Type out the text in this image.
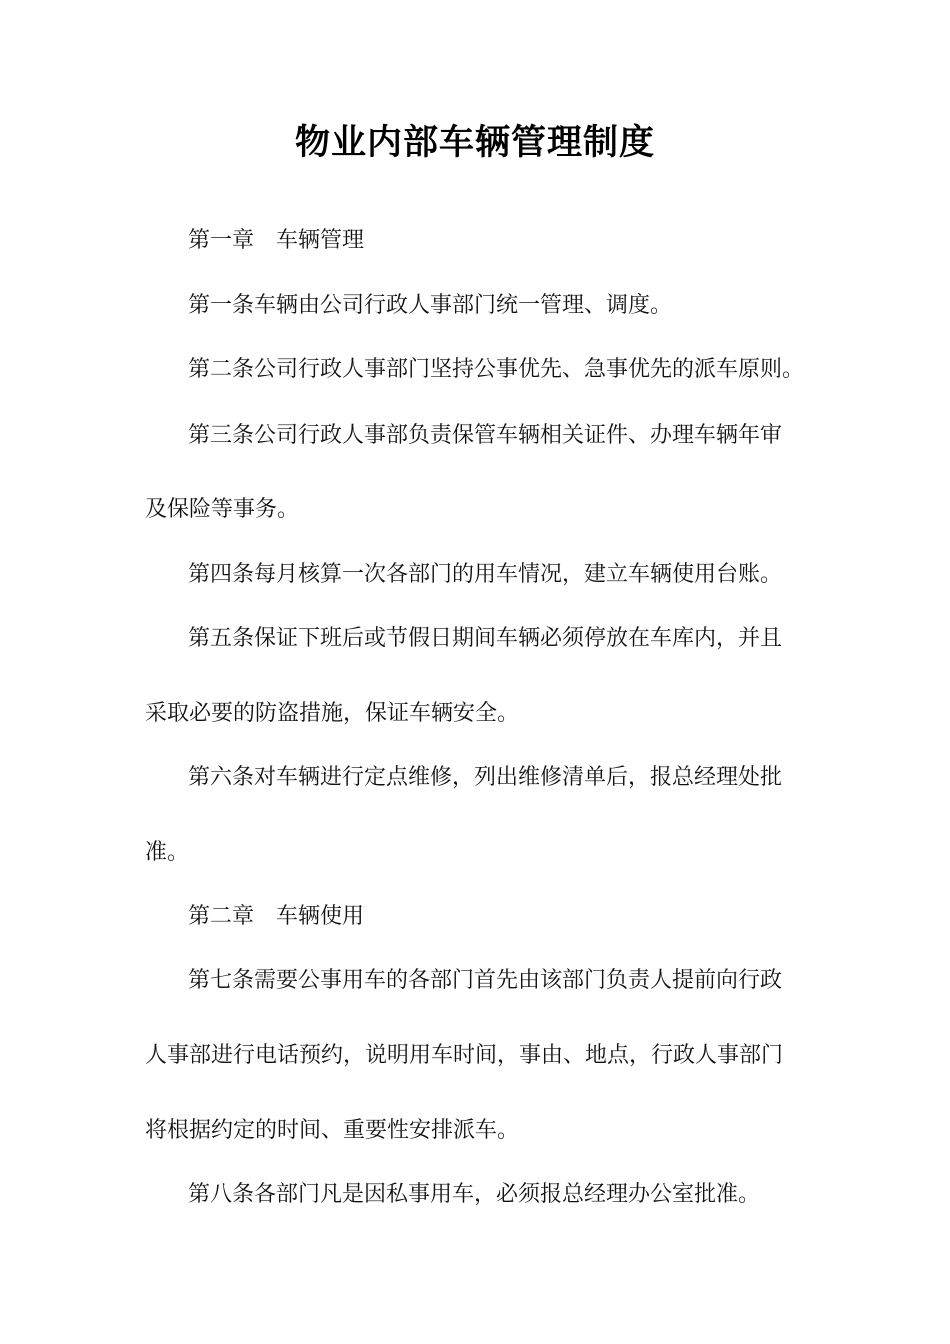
物业内部车辆管理制度
第一章 车辆管理
第一条车辆由公司行政人事部门统一管理、调度。
第二条公司行政人事部门坚持公事优先、急事优先的派车原则。
第三条公司行政人事部负责保管车辆相关证件、办理车辆年审
及保险等事务。
第四条每月核算一次各部门的用车情况，建立车辆使用台账。
第五条保证下班后或节假日期间车辆必须停放在车库内，并且
采取必要的防盗措施，保证车辆安全。
第六条对车辆进行定点维修，列出维修清单后，报总经理处批
准。
第二章 车辆使用
第七条需要公事用车的各部门首先由该部门负责人提前向行政
人事部进行电话预约，说明用车时间，事由、地点，行政人事部门
将根据约定的时间、重要性安排派车。
第八条各部门凡是因私事用车，必须报总经理办公室批准。
